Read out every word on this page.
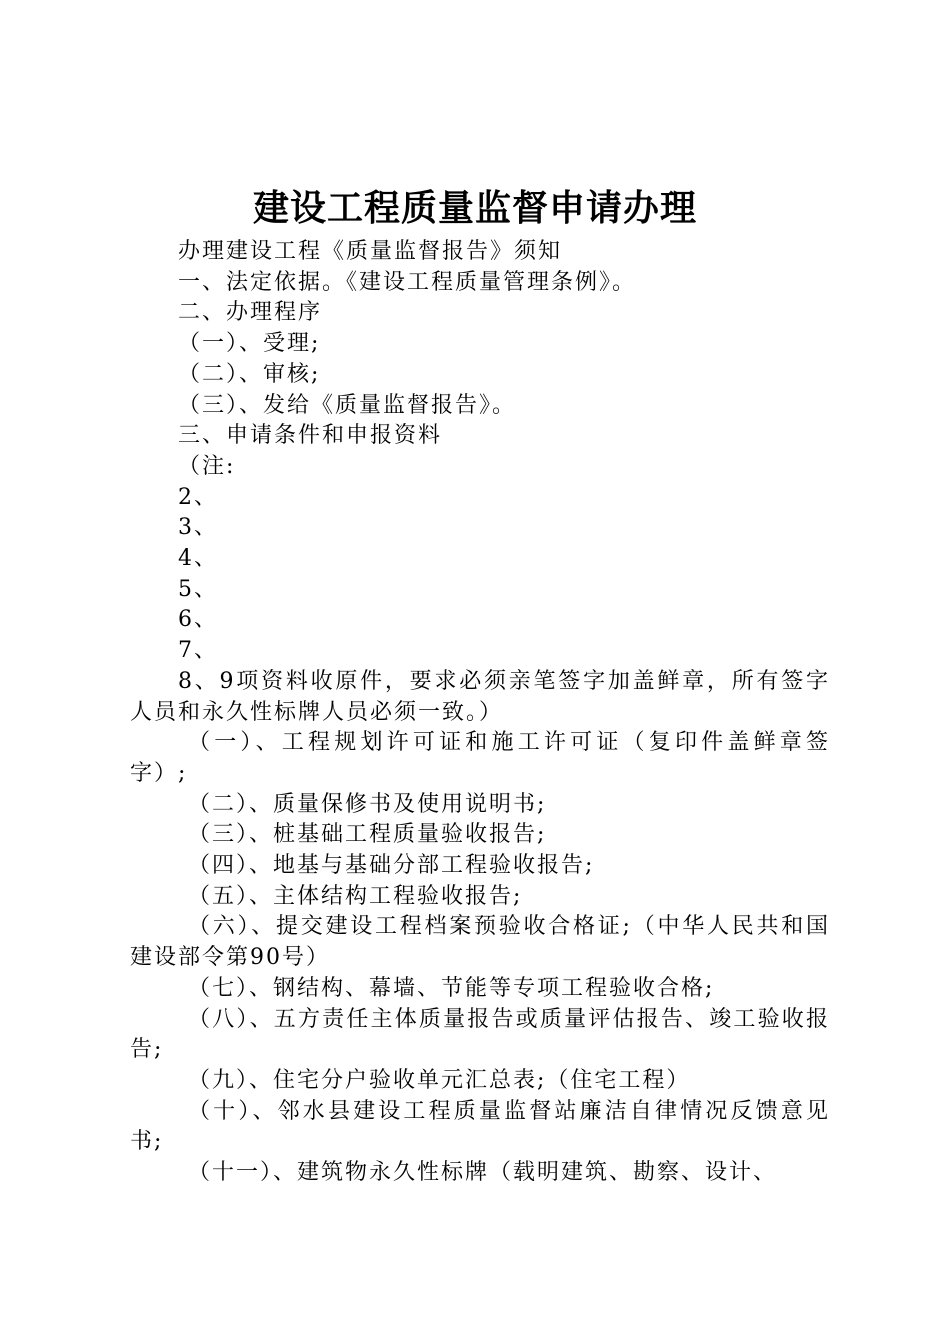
建设工程质量监督申请办理

办理建设工程《质量监督报告》须知

一、法定依据。《建设工程质量管理条例》。

二、办理程序

（一）、受理;

（二）、审核;

（三）、发给《质量监督报告》。

三、申请条件和申报资料

（注:

2、

3、

4、

5、

6、

7、

8、9项资料收原件，要求必须亲笔签字加盖鲜章，所有签字人员和永久性标牌人员必须一致。）

（一）、工程规划许可证和施工许可证（复印件盖鲜章签字）;

（二）、质量保修书及使用说明书;

（三）、桩基础工程质量验收报告;

（四）、地基与基础分部工程验收报告;

（五）、主体结构工程验收报告;

（六）、提交建设工程档案预验收合格证;（中华人民共和国建设部令第90号）

（七）、钢结构、幕墙、节能等专项工程验收合格;

（八）、五方责任主体质量报告或质量评估报告、竣工验收报告;

（九）、住宅分户验收单元汇总表;（住宅工程）

（十）、邻水县建设工程质量监督站廉洁自律情况反馈意见书;

（十一）、建筑物永久性标牌（载明建筑、勘察、设计、
